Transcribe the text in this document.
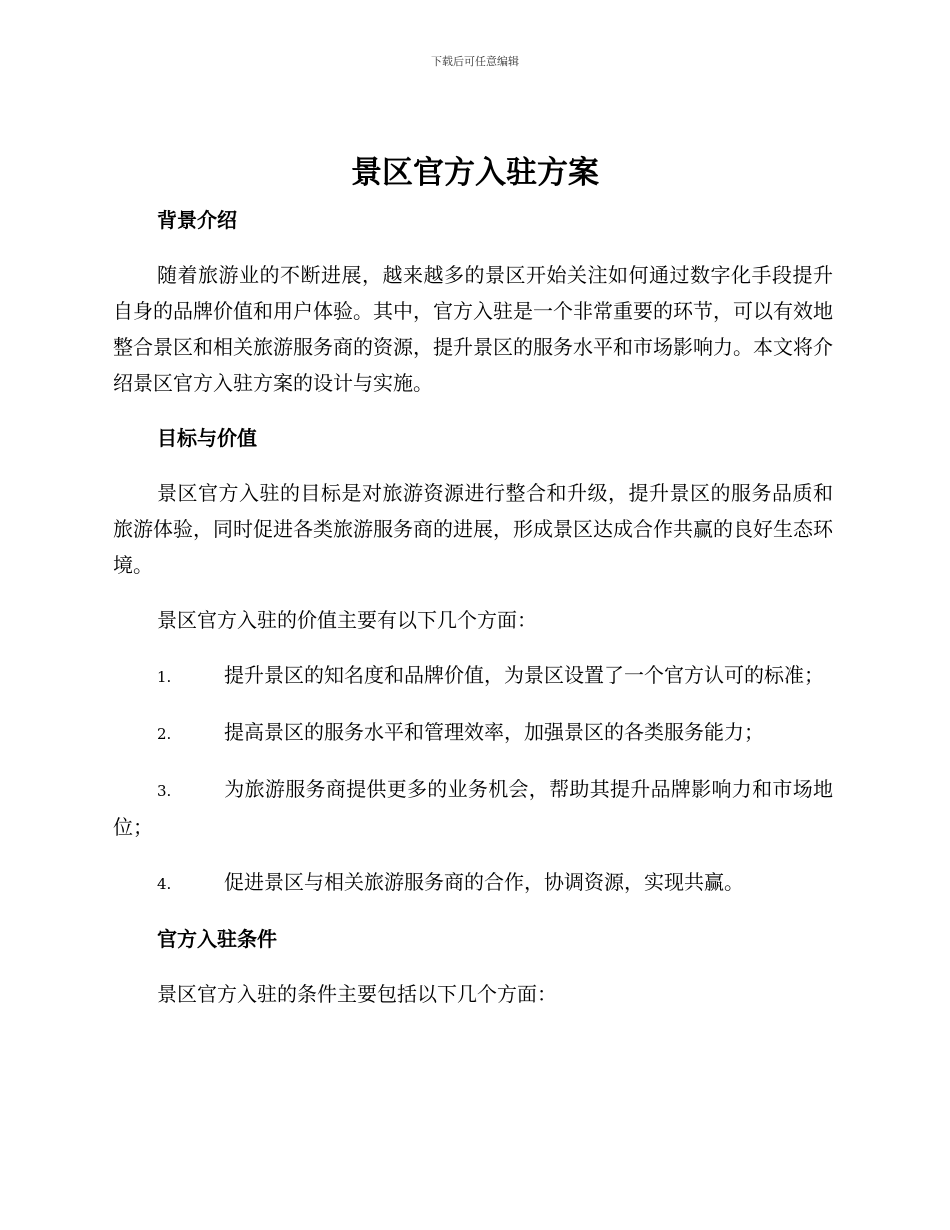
下载后可任意编辑
景区官方入驻方案
背景介绍

随着旅游业的不断进展，越来越多的景区开始关注如何通过数字化手段提升自身的品牌价值和用户体验。其中，官方入驻是一个非常重要的环节，可以有效地整合景区和相关旅游服务商的资源，提升景区的服务水平和市场影响力。本文将介绍景区官方入驻方案的设计与实施。

目标与价值

景区官方入驻的目标是对旅游资源进行整合和升级，提升景区的服务品质和旅游体验，同时促进各类旅游服务商的进展，形成景区达成合作共赢的良好生态环境。

景区官方入驻的价值主要有以下几个方面：

1.	提升景区的知名度和品牌价值，为景区设置了一个官方认可的标准；
2.	提高景区的服务水平和管理效率，加强景区的各类服务能力；
3.	为旅游服务商提供更多的业务机会，帮助其提升品牌影响力和市场地位；
4.	促进景区与相关旅游服务商的合作，协调资源，实现共赢。
官方入驻条件

景区官方入驻的条件主要包括以下几个方面：
